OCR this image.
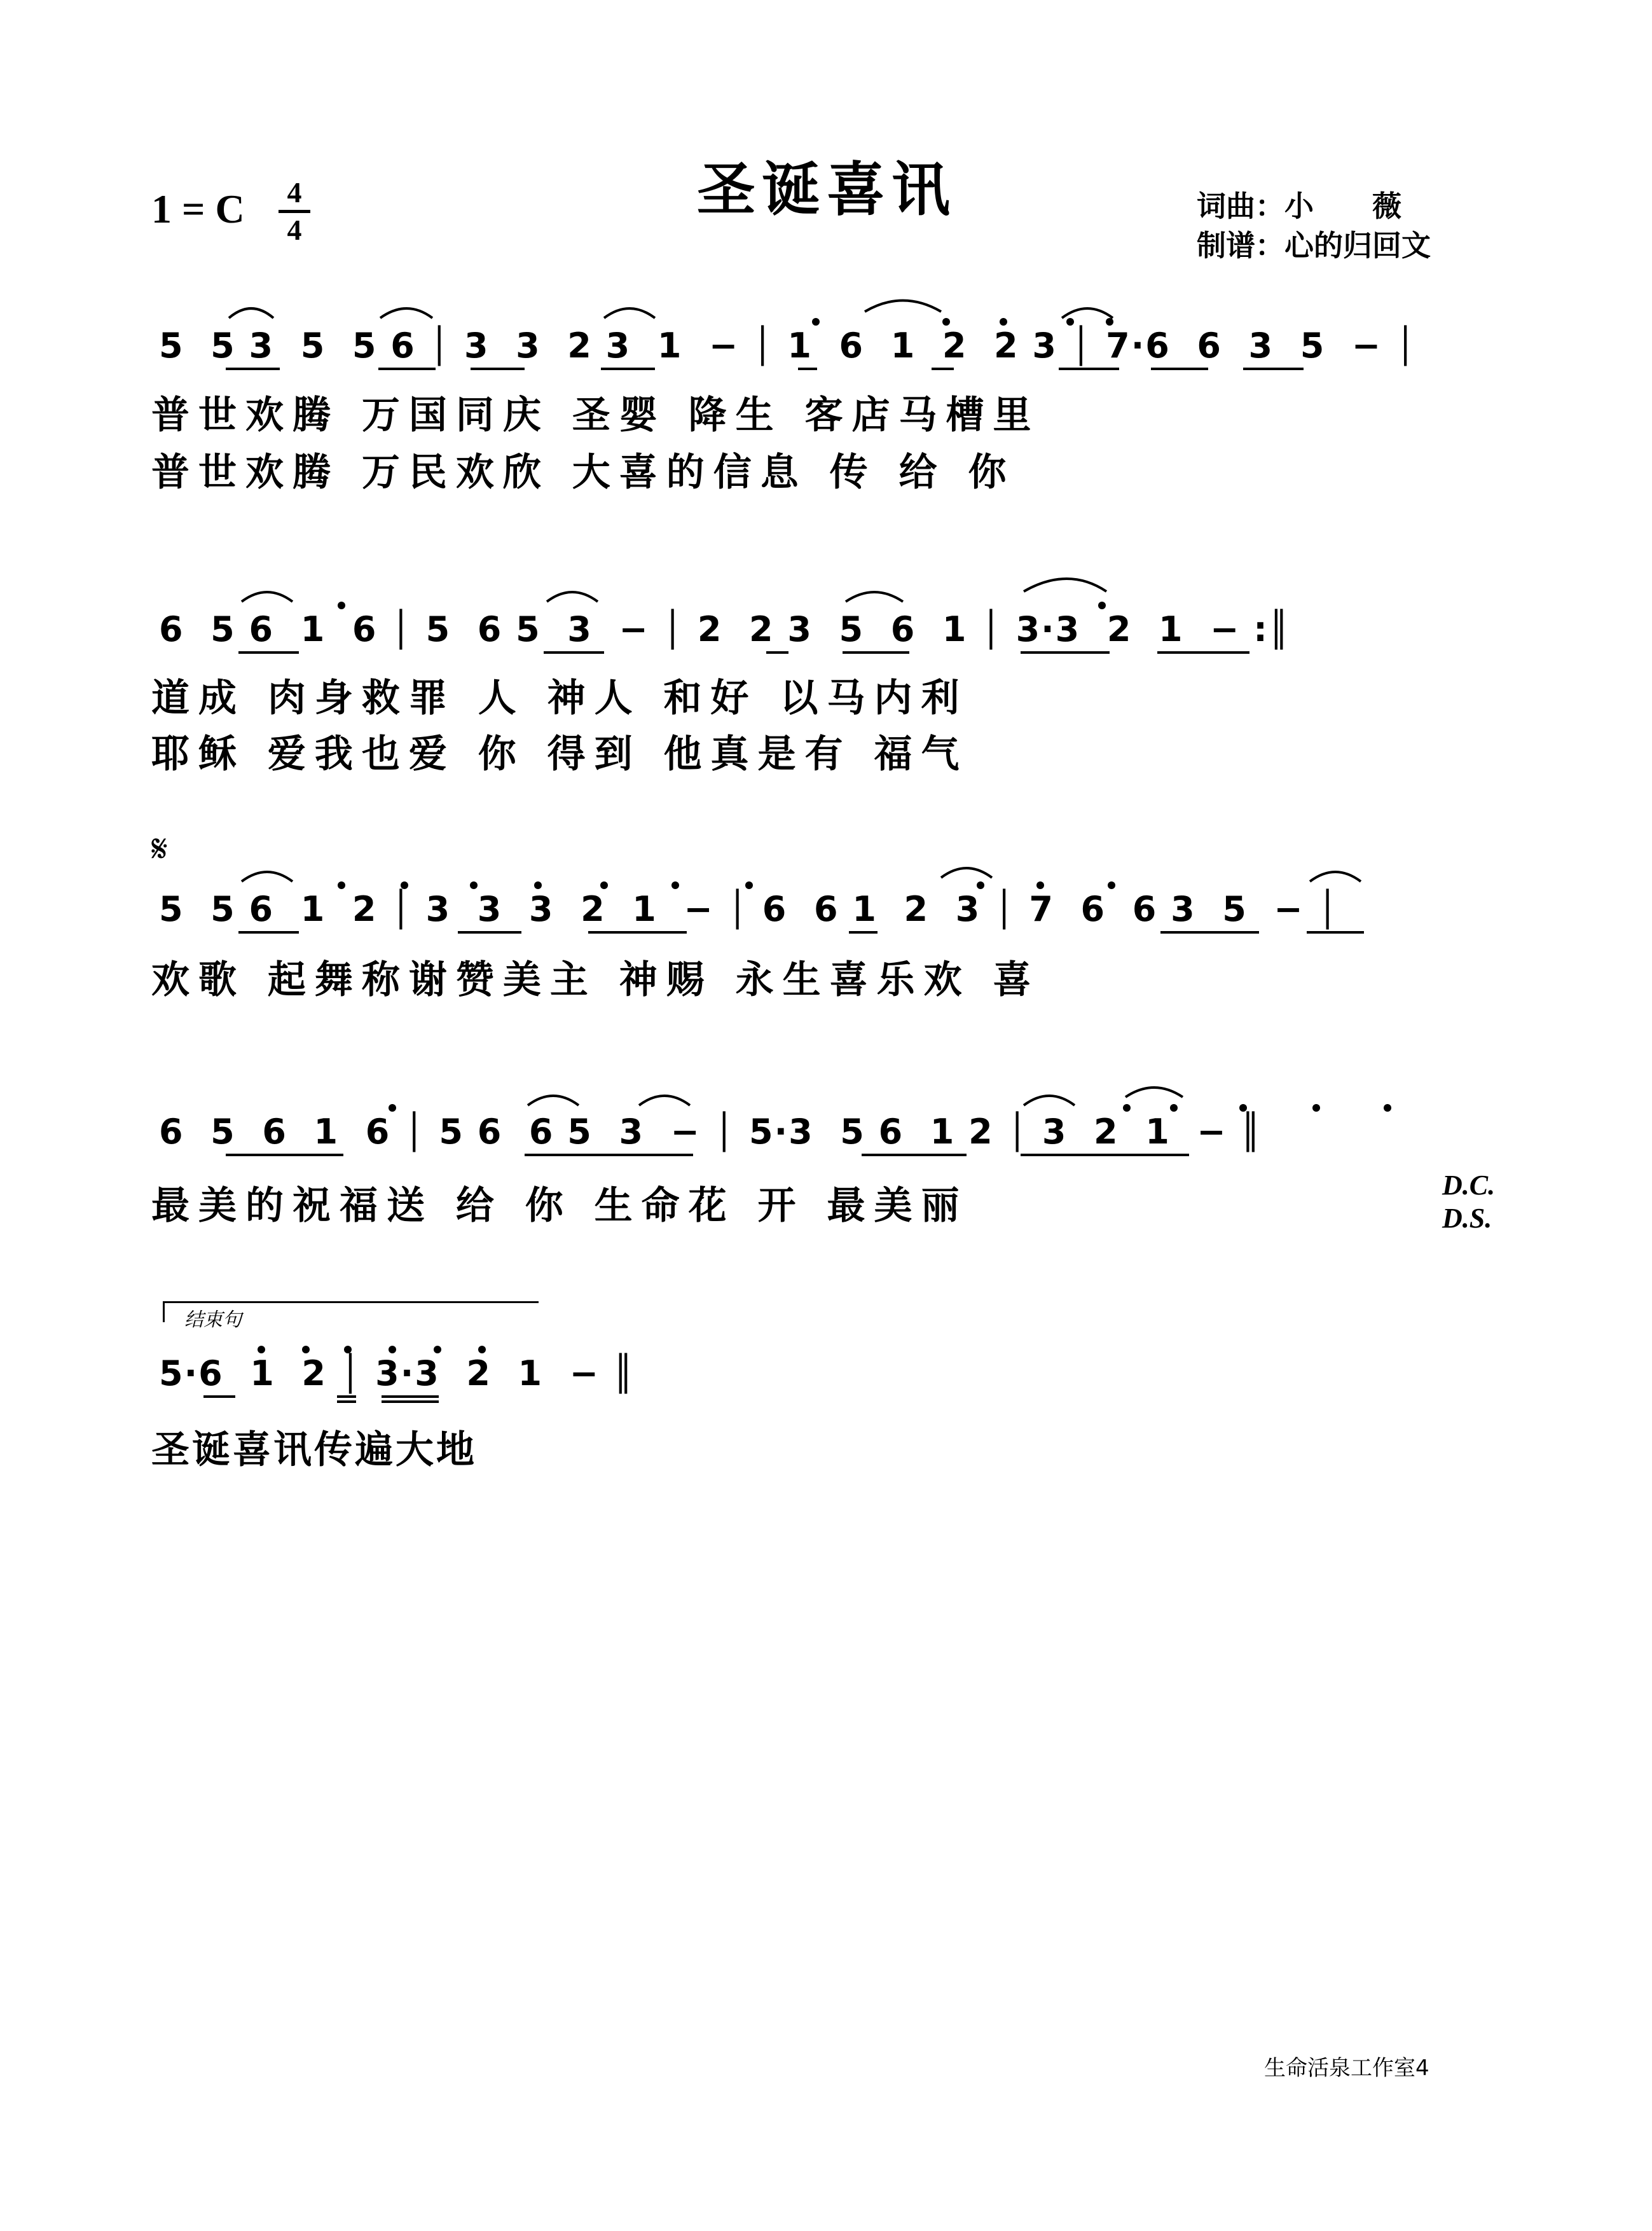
圣诞喜讯
1 = C 4
4
词曲：小　　薇
制谱：心的归回文
5  5 3  5  5 6 │ 3  3  2 3  1  − │ 1  6  1  2  2 3 │ 7·6  6  3  5  − │
普世欢腾 万国同庆 圣婴 降生 客店马槽里
普世欢腾 万民欢欣 大喜的信息 传 给 你
6  5 6  1  6 │ 5  6 5  3  − │ 2  2 3  5  6  1 │ 3·3  2  1  − :║
道成 肉身救罪 人 神人 和好 以马内利
耶稣 爱我也爱 你 得到 他真是有 福气
𝄋
5  5 6  1  2 │ 3  3  3  2  1  − │ 6  6 1  2  3 │ 7  6  6 3  5  − │
欢歌 起舞称谢赞美主 神赐 永生喜乐欢 喜
6  5  6  1  6 │ 5 6  6 5  3  − │ 5·3  5 6  1 2 │ 3  2  1  − ║
最美的祝福送 给 你 生命花 开 最美丽	D.C.
D.S.
结束句
5·6  1  2 │ 3·3  2  1  − ║
圣诞喜讯传遍大地
生命活泉工作室4
